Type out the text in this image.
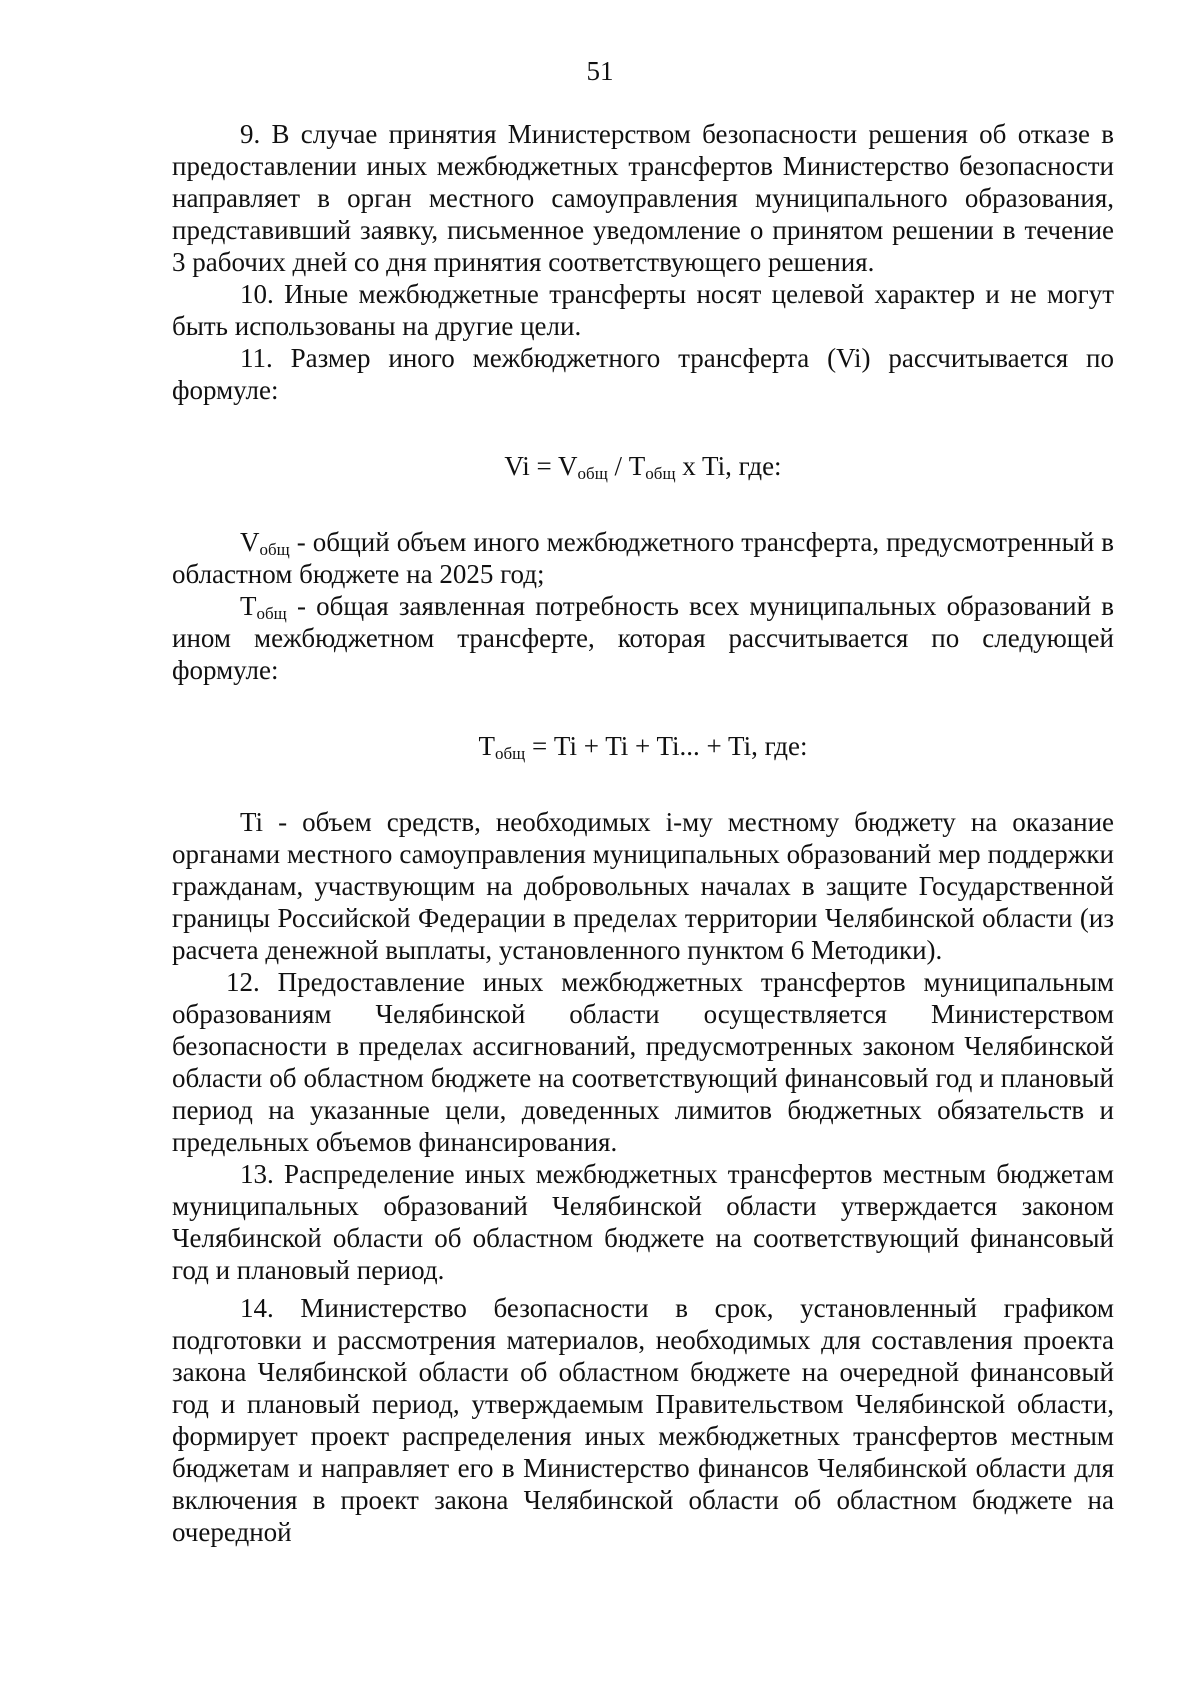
51

9. В случае принятия Министерством безопасности решения об отказе в предоставлении иных межбюджетных трансфертов Министерство безопасности направляет в орган местного самоуправления муниципального образования, представивший заявку, письменное уведомление о принятом решении в течение 3 рабочих дней со дня принятия соответствующего решения.

10. Иные межбюджетные трансферты носят целевой характер и не могут быть использованы на другие цели.

11. Размер иного межбюджетного трансферта (Vi) рассчитывается по формуле:

$Vi = V_{общ} / T_{общ}$ x Ti, где:

$V_{общ}$ - общий объем иного межбюджетного трансферта, предусмотренный в областном бюджете на 2025 год;

$T_{общ}$ - общая заявленная потребность всех муниципальных образований в ином межбюджетном трансферте, которая рассчитывается по следующей формуле:

$T_{общ} = Ti + Ti + Ti$... + Ti, где:

Ti - объем средств, необходимых i-му местному бюджету на оказание органами местного самоуправления муниципальных образований мер поддержки гражданам, участвующим на добровольных началах в защите Государственной границы Российской Федерации в пределах территории Челябинской области (из расчета денежной выплаты, установленного пунктом 6 Методики).

12. Предоставление иных межбюджетных трансфертов муниципальным образованиям Челябинской области осуществляется Министерством безопасности в пределах ассигнований, предусмотренных законом Челябинской области об областном бюджете на соответствующий финансовый год и плановый период на указанные цели, доведенных лимитов бюджетных обязательств и предельных объемов финансирования.

13. Распределение иных межбюджетных трансфертов местным бюджетам муниципальных образований Челябинской области утверждается законом Челябинской области об областном бюджете на соответствующий финансовый год и плановый период.

14. Министерство безопасности в срок, установленный графиком подготовки и рассмотрения материалов, необходимых для составления проекта закона Челябинской области об областном бюджете на очередной финансовый год и плановый период, утверждаемым Правительством Челябинской области, формирует проект распределения иных межбюджетных трансфертов местным бюджетам и направляет его в Министерство финансов Челябинской области для включения в проект закона Челябинской области об областном бюджете на очередной
